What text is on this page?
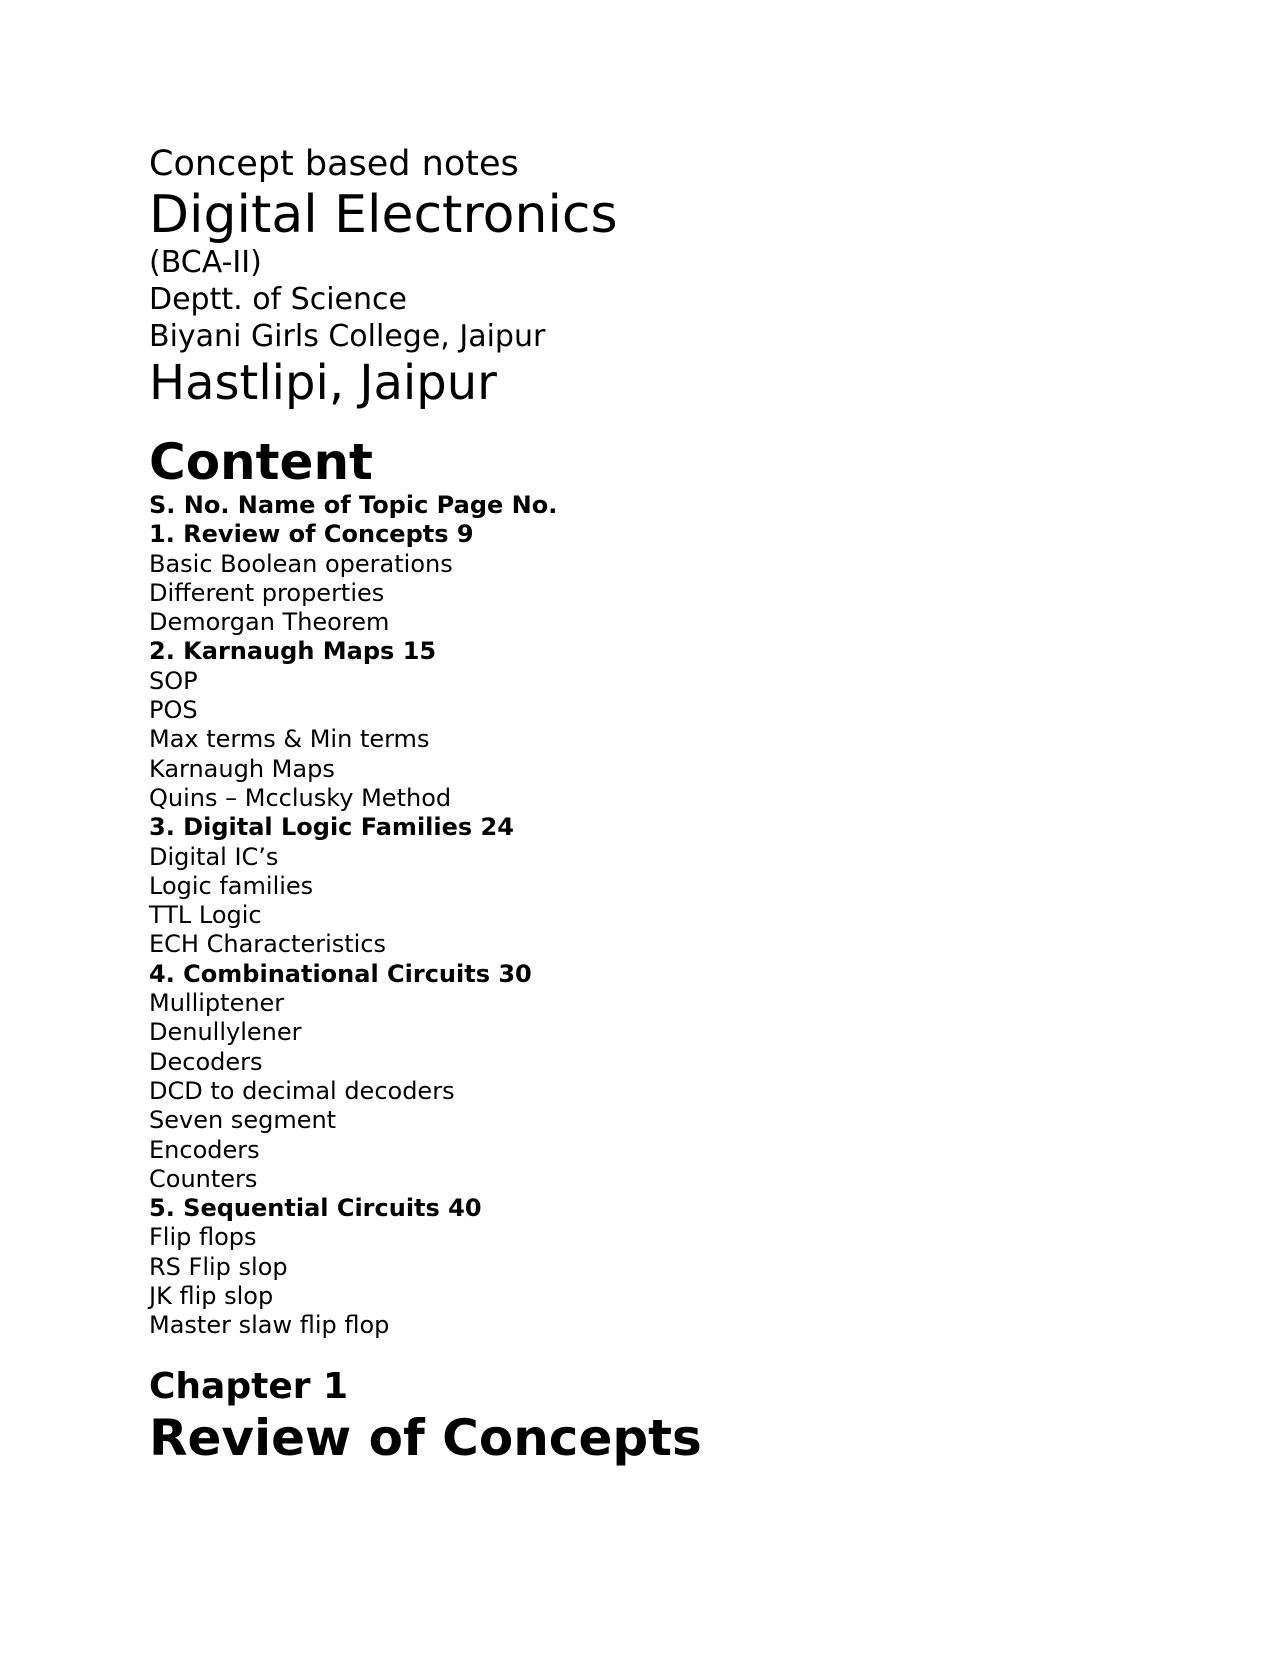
Concept based notes
Digital Electronics
(BCA-II)
Deptt. of Science
Biyani Girls College, Jaipur
Hastlipi, Jaipur
Content
S. No. Name of Topic Page No.
1. Review of Concepts 9
Basic Boolean operations
Different properties
Demorgan Theorem
2. Karnaugh Maps 15
SOP
POS
Max terms & Min terms
Karnaugh Maps
Quins – Mcclusky Method
3. Digital Logic Families 24
Digital IC’s
Logic families
TTL Logic
ECH Characteristics
4. Combinational Circuits 30
Mulliptener
Denullylener
Decoders
DCD to decimal decoders
Seven segment
Encoders
Counters
5. Sequential Circuits 40
Flip flops
RS Flip slop
JK flip slop
Master slaw flip flop
Chapter 1
Review of Concepts
